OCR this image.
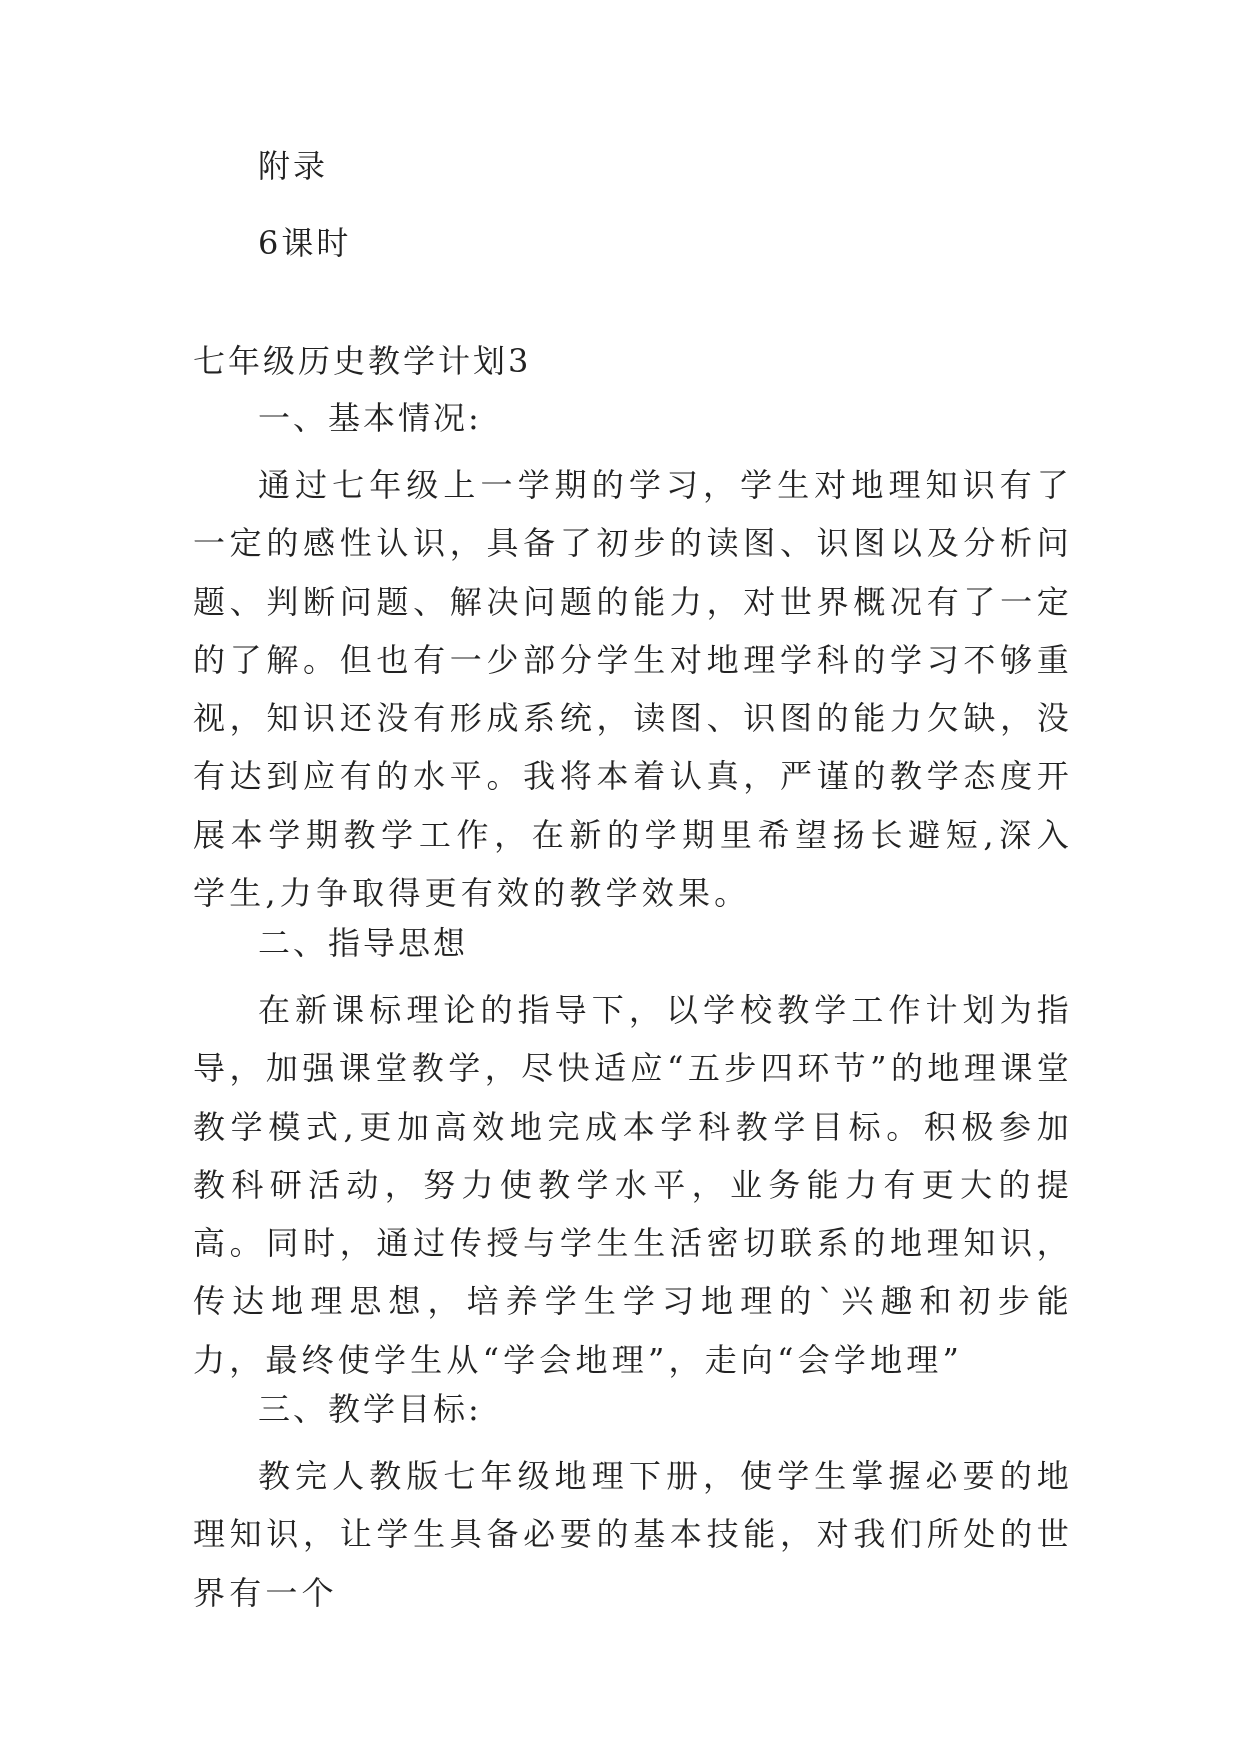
附录
6课时
七年级历史教学计划3
一、基本情况:

通过七年级上一学期的学习，学生对地理知识有了一定的感性认识，具备了初步的读图、识图以及分析问题、判断问题、解决问题的能力，对世界概况有了一定的了解。但也有一少部分学生对地理学科的学习不够重视，知识还没有形成系统，读图、识图的能力欠缺，没有达到应有的水平。我将本着认真，严谨的教学态度开展本学期教学工作，在新的学期里希望扬长避短,深入学生,力争取得更有效的教学效果。

二、指导思想

在新课标理论的指导下，以学校教学工作计划为指导，加强课堂教学，尽快适应“五步四环节”的地理课堂教学模式,更加高效地完成本学科教学目标。积极参加教科研活动，努力使教学水平，业务能力有更大的提高。同时，通过传授与学生生活密切联系的地理知识，传达地理思想，培养学生学习地理的`兴趣和初步能力，最终使学生从“学会地理”，走向“会学地理”

三、教学目标:

教完人教版七年级地理下册，使学生掌握必要的地理知识，让学生具备必要的基本技能，对我们所处的世界有一个
